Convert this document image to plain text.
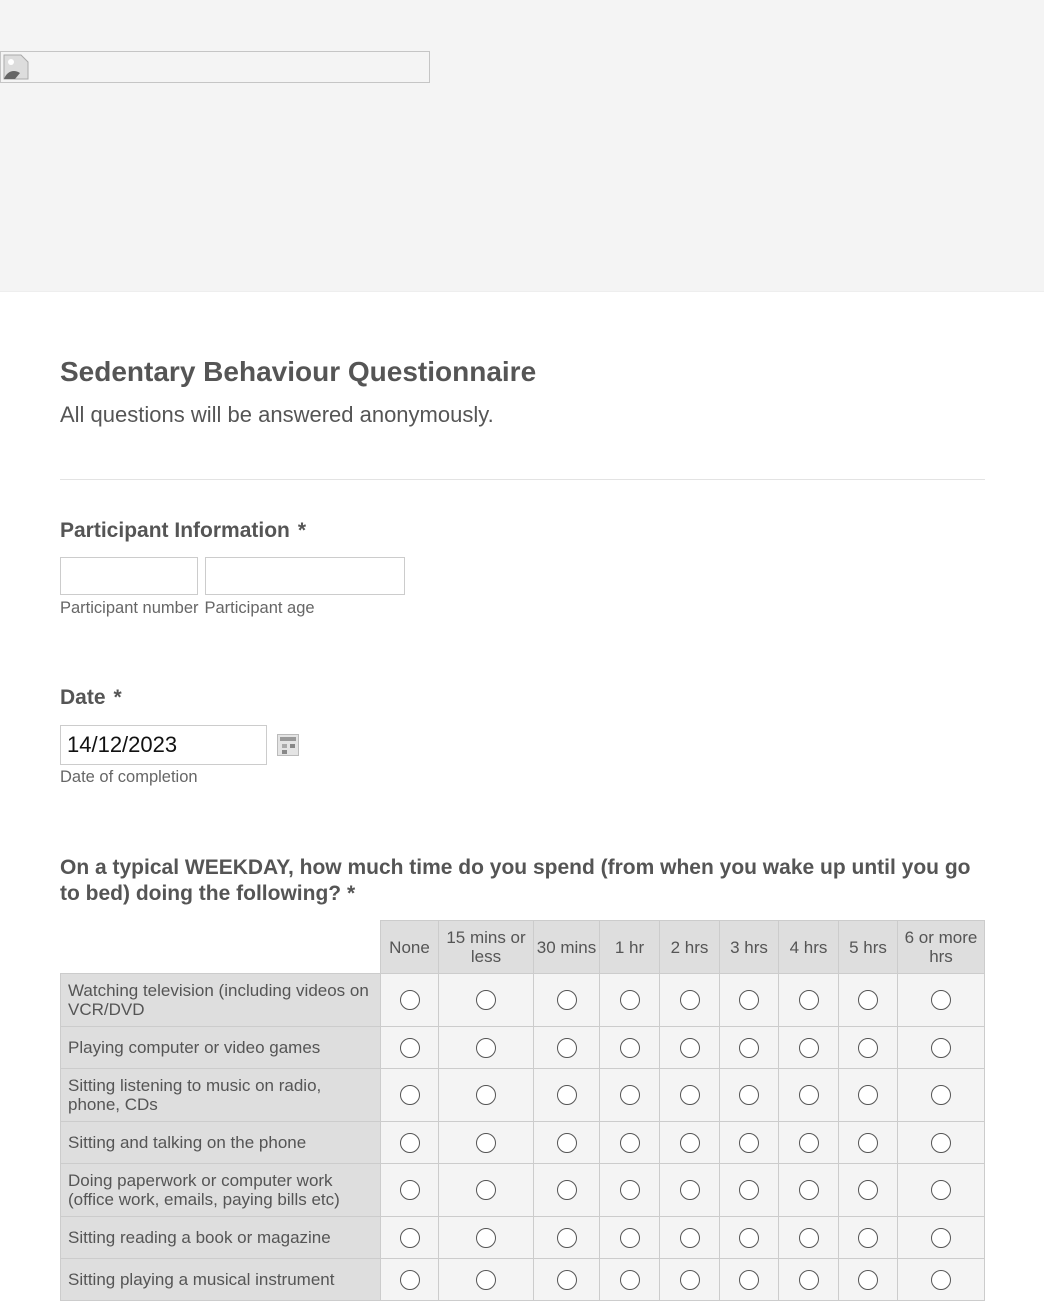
Sedentary Behaviour Questionnaire
All questions will be answered anonymously.
Participant Information *
Participant number Participant age
Date *
14/12/2023
Date of completion
On a typical WEEKDAY, how much time do you spend (from when you wake up until you go to bed) doing the following? *
	None	15 mins or less	30 mins	1 hr	2 hrs	3 hrs	4 hrs	5 hrs	6 or more hrs
Watching television (including videos on VCR/DVD									
Playing computer or video games									
Sitting listening to music on radio, phone, CDs									
Sitting and talking on the phone									
Doing paperwork or computer work (office work, emails, paying bills etc)									
Sitting reading a book or magazine									
Sitting playing a musical instrument									
